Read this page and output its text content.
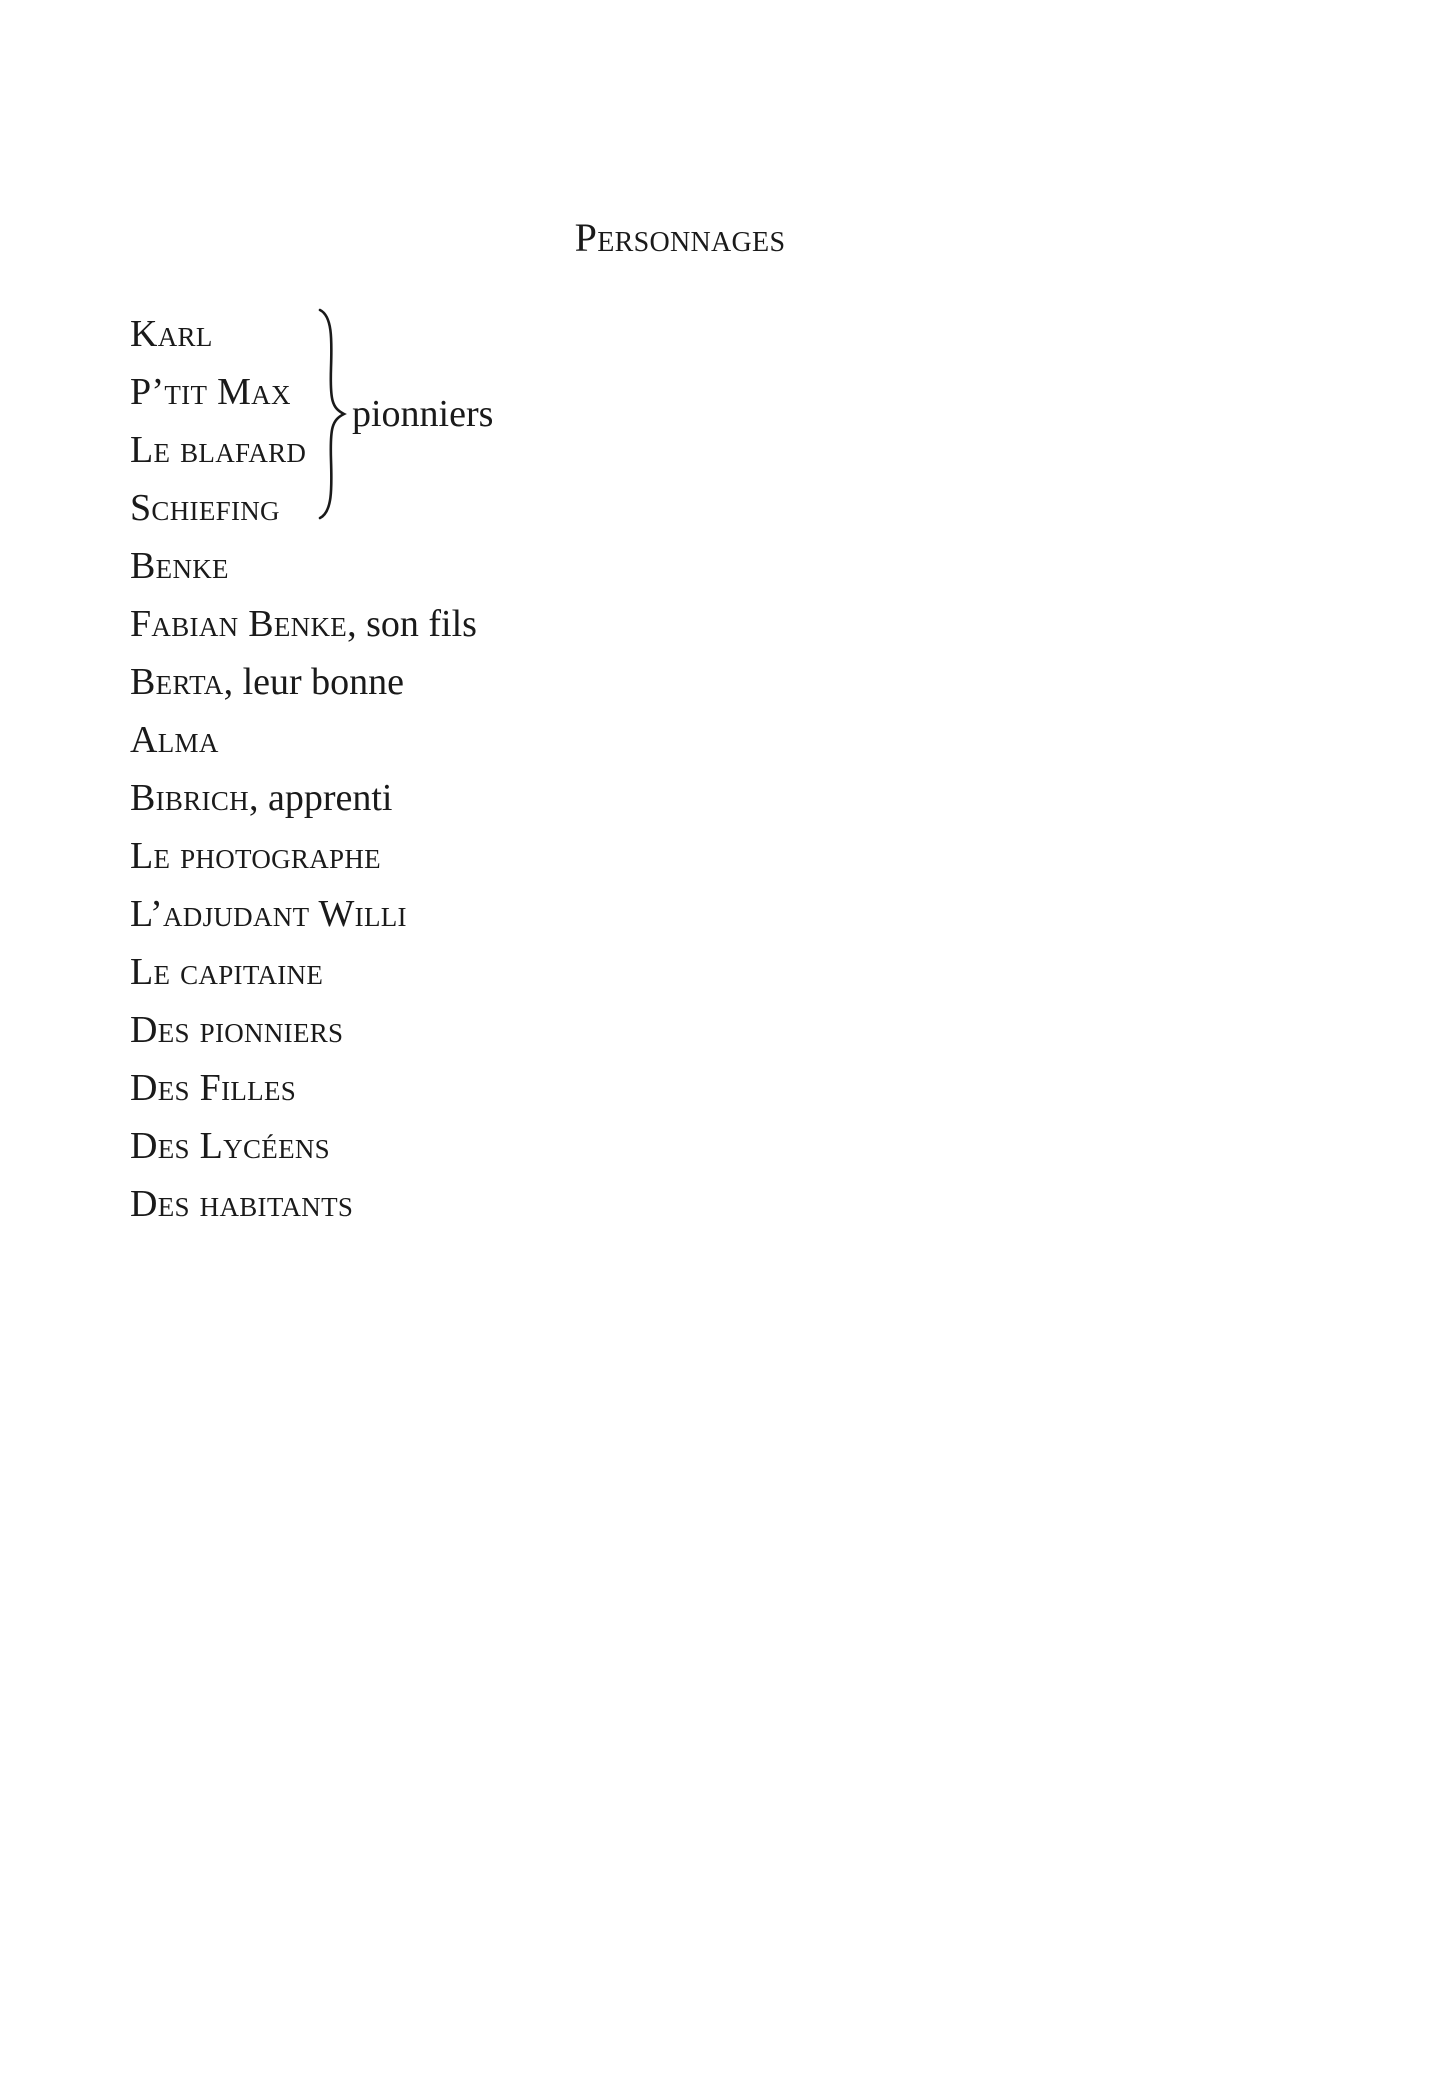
Personnages
Karl
P’tit Max
Le blafard
Schiefing
Benke
Fabian Benke, son fils
Berta, leur bonne
Alma
Bibrich, apprenti
Le photographe
L’adjudant Willi
Le capitaine
Des pionniers
Des Filles
Des Lycéens
Des habitants
pionniers
